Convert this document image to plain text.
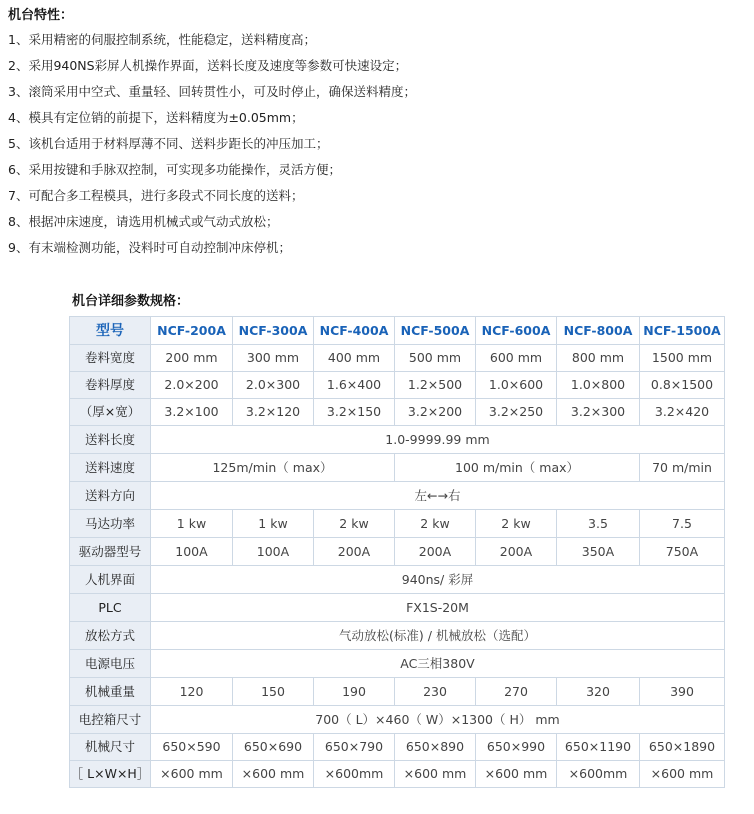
机台特性：
1、采用精密的伺服控制系统，性能稳定，送料精度高；
2、采用940NS彩屏人机操作界面，送料长度及速度等参数可快速设定；
3、滚筒采用中空式、重量轻、回转贯性小，可及时停止，确保送料精度；
4、模具有定位销的前提下，送料精度为±0.05mm；
5、该机台适用于材料厚薄不同、送料步距长的冲压加工；
6、采用按键和手脉双控制，可实现多功能操作，灵活方便；
7、可配合多工程模具，进行多段式不同长度的送料；
8、根据冲床速度，请选用机械式或气动式放松；
9、有末端检测功能，没料时可自动控制冲床停机；
机台详细参数规格：
型号	NCF-200A	NCF-300A	NCF-400A	NCF-500A	NCF-600A	NCF-800A	NCF-1500A
卷料宽度	200 mm	300 mm	400 mm	500 mm	600 mm	800 mm	1500 mm
卷料厚度	2.0×200	2.0×300	1.6×400	1.2×500	1.0×600	1.0×800	0.8×1500
（厚×宽）	3.2×100	3.2×120	3.2×150	3.2×200	3.2×250	3.2×300	3.2×420
送料长度	1.0-9999.99 mm						
送料速度	125m/min（ max）			100 m/min（ max）			70 m/min
送料方向	左←→右						
马达功率	1 kw	1 kw	2 kw	2 kw	2 kw	3.5	7.5
驱动器型号	100A	100A	200A	200A	200A	350A	750A
人机界面	940ns/ 彩屏						
PLC	FX1S-20M						
放松方式	气动放松(标准) / 机械放松（选配）						
电源电压	AC三相380V						
机械重量	120	150	190	230	270	320	390
电控箱尺寸	700（ L）×460（ W）×1300（ H） mm						
机械尺寸	650×590	650×690	650×790	650×890	650×990	650×1190	650×1890
［ L×W×H］	×600 mm	×600 mm	×600mm	×600 mm	×600 mm	×600mm	×600 mm
